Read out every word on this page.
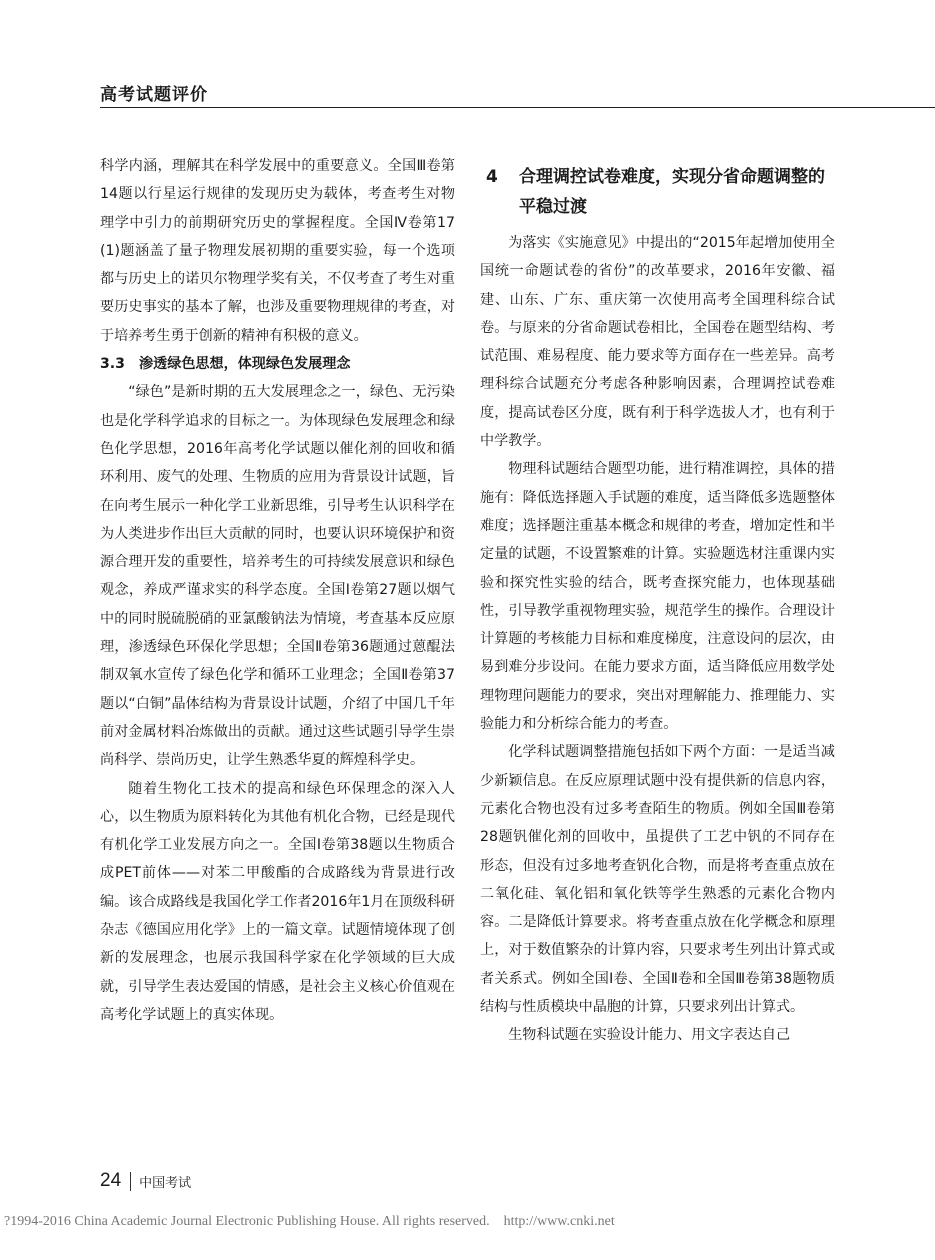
高考试题评价

科学内涵，理解其在科学发展中的重要意义。全国Ⅲ卷第14题以行星运行规律的发现历史为载体，考查考生对物理学中引力的前期研究历史的掌握程度。全国Ⅳ卷第17(1)题涵盖了量子物理发展初期的重要实验，每一个选项都与历史上的诺贝尔物理学奖有关，不仅考查了考生对重要历史事实的基本了解，也涉及重要物理规律的考查，对于培养考生勇于创新的精神有积极的意义。

3.3　渗透绿色思想，体现绿色发展理念

“绿色”是新时期的五大发展理念之一，绿色、无污染也是化学科学追求的目标之一。为体现绿色发展理念和绿色化学思想，2016年高考化学试题以催化剂的回收和循环利用、废气的处理、生物质的应用为背景设计试题，旨在向考生展示一种化学工业新思维，引导考生认识科学在为人类进步作出巨大贡献的同时，也要认识环境保护和资源合理开发的重要性，培养考生的可持续发展意识和绿色观念，养成严谨求实的科学态度。全国Ⅰ卷第27题以烟气中的同时脱硫脱硝的亚氯酸钠法为情境，考查基本反应原理，渗透绿色环保化学思想；全国Ⅱ卷第36题通过蒽醌法制双氧水宣传了绿色化学和循环工业理念；全国Ⅱ卷第37题以“白铜”晶体结构为背景设计试题，介绍了中国几千年前对金属材料冶炼做出的贡献。通过这些试题引导学生崇尚科学、崇尚历史，让学生熟悉华夏的辉煌科学史。

随着生物化工技术的提高和绿色环保理念的深入人心，以生物质为原料转化为其他有机化合物，已经是现代有机化学工业发展方向之一。全国Ⅰ卷第38题以生物质合成PET前体——对苯二甲酸酯的合成路线为背景进行改编。该合成路线是我国化学工作者2016年1月在顶级科研杂志《德国应用化学》上的一篇文章。试题情境体现了创新的发展理念，也展示我国科学家在化学领域的巨大成就，引导学生表达爱国的情感，是社会主义核心价值观在高考化学试题上的真实体现。

4 合理调控试卷难度，实现分省命题调整的平稳过渡

为落实《实施意见》中提出的“2015年起增加使用全国统一命题试卷的省份”的改革要求，2016年安徽、福建、山东、广东、重庆第一次使用高考全国理科综合试卷。与原来的分省命题试卷相比，全国卷在题型结构、考试范围、难易程度、能力要求等方面存在一些差异。高考理科综合试题充分考虑各种影响因素，合理调控试卷难度，提高试卷区分度，既有利于科学选拔人才，也有利于中学教学。

物理科试题结合题型功能，进行精准调控，具体的措施有：降低选择题入手试题的难度，适当降低多选题整体难度；选择题注重基本概念和规律的考查，增加定性和半定量的试题，不设置繁难的计算。实验题选材注重课内实验和探究性实验的结合，既考查探究能力，也体现基础性，引导教学重视物理实验，规范学生的操作。合理设计计算题的考核能力目标和难度梯度，注意设问的层次，由易到难分步设问。在能力要求方面，适当降低应用数学处理物理问题能力的要求，突出对理解能力、推理能力、实验能力和分析综合能力的考查。

化学科试题调整措施包括如下两个方面：一是适当减少新颖信息。在反应原理试题中没有提供新的信息内容，元素化合物也没有过多考查陌生的物质。例如全国Ⅲ卷第28题钒催化剂的回收中，虽提供了工艺中钒的不同存在形态，但没有过多地考查钒化合物，而是将考查重点放在二氧化硅、氧化铝和氧化铁等学生熟悉的元素化合物内容。二是降低计算要求。将考查重点放在化学概念和原理上，对于数值繁杂的计算内容，只要求考生列出计算式或者关系式。例如全国Ⅰ卷、全国Ⅱ卷和全国Ⅲ卷第38题物质结构与性质模块中晶胞的计算，只要求列出计算式。

生物科试题在实验设计能力、用文字表达自己

24 中国考试
?1994-2016 China Academic Journal Electronic Publishing House. All rights reserved.    http://www.cnki.net
